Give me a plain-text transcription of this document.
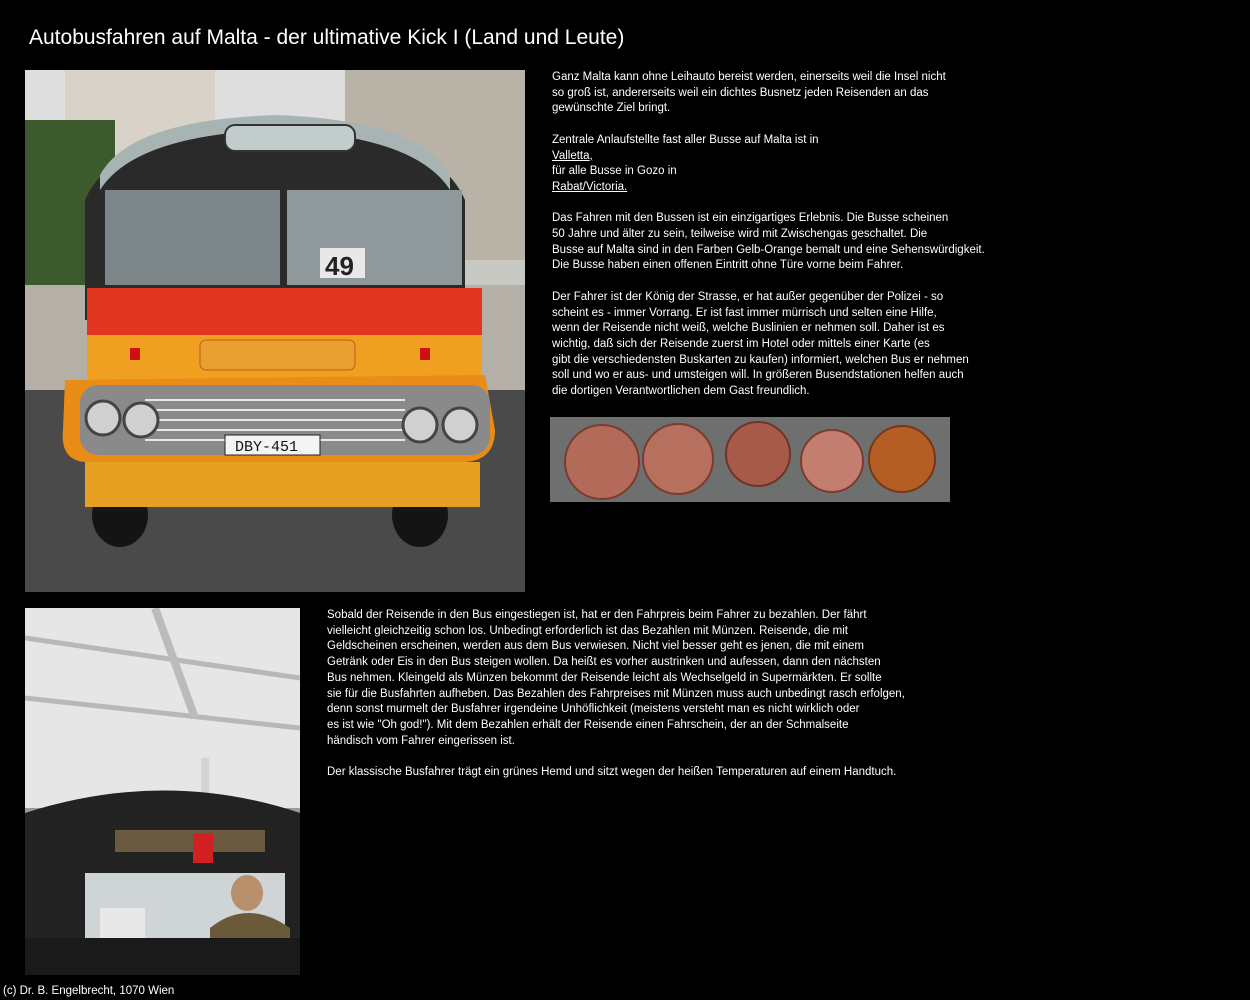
Autobusfahren auf Malta - der ultimative Kick I (Land und Leute)
49
DBY-451

Ganz Malta kann ohne Leihauto bereist werden, einerseits weil die Insel nicht
so groß ist, andererseits weil ein dichtes Busnetz jeden Reisenden an das
gewünschte Ziel bringt.

Zentrale Anlaufstellte fast aller Busse auf Malta ist in
Valletta,
für alle Busse in Gozo in
Rabat/Victoria.

Das Fahren mit den Bussen ist ein einzigartiges Erlebnis. Die Busse scheinen
50 Jahre und älter zu sein, teilweise wird mit Zwischengas geschaltet. Die
Busse auf Malta sind in den Farben Gelb-Orange bemalt und eine Sehenswürdigkeit.
Die Busse haben einen offenen Eintritt ohne Türe vorne beim Fahrer.

Der Fahrer ist der König der Strasse, er hat außer gegenüber der Polizei - so
scheint es - immer Vorrang. Er ist fast immer mürrisch und selten eine Hilfe,
wenn der Reisende nicht weiß, welche Buslinien er nehmen soll. Daher ist es
wichtig, daß sich der Reisende zuerst im Hotel oder mittels einer Karte (es
gibt die verschiedensten Buskarten zu kaufen) informiert, welchen Bus er nehmen
soll und wo er aus- und umsteigen will. In größeren Busendstationen helfen auch
die dortigen Verantwortlichen dem Gast freundlich.

Sobald der Reisende in den Bus eingestiegen ist, hat er den Fahrpreis beim Fahrer zu bezahlen. Der fährt
vielleicht gleichzeitig schon los. Unbedingt erforderlich ist das Bezahlen mit Münzen. Reisende, die mit
Geldscheinen erscheinen, werden aus dem Bus verwiesen. Nicht viel besser geht es jenen, die mit einem
Getränk oder Eis in den Bus steigen wollen. Da heißt es vorher austrinken und aufessen, dann den nächsten
Bus nehmen. Kleingeld als Münzen bekommt der Reisende leicht als Wechselgeld in Supermärkten. Er sollte
sie für die Busfahrten aufheben. Das Bezahlen des Fahrpreises mit Münzen muss auch unbedingt rasch erfolgen,
denn sonst murmelt der Busfahrer irgendeine Unhöflichkeit (meistens versteht man es nicht wirklich oder
es ist wie "Oh god!"). Mit dem Bezahlen erhält der Reisende einen Fahrschein, der an der Schmalseite
händisch vom Fahrer eingerissen ist.

Der klassische Busfahrer trägt ein grünes Hemd und sitzt wegen der heißen Temperaturen auf einem Handtuch.

(c) Dr. B. Engelbrecht, 1070 Wien
